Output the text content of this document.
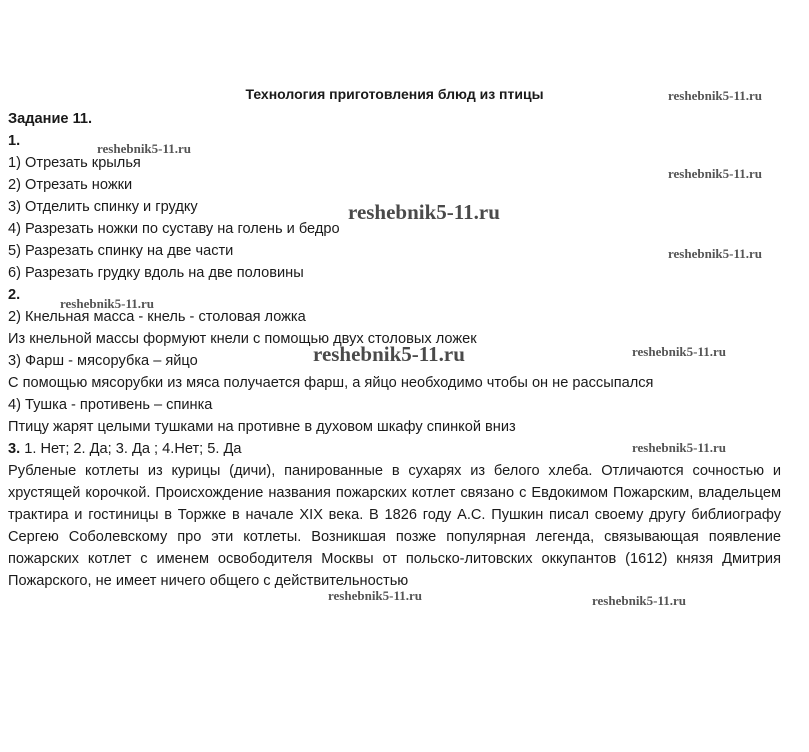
Технология приготовления блюд из птицы
Задание 11.
1.
1) Отрезать крылья
2) Отрезать ножки
3) Отделить спинку и грудку
4) Разрезать ножки по суставу на голень и бедро
5) Разрезать спинку на две части
6) Разрезать грудку вдоль на две половины
2.
2) Кнельная масса - кнель - столовая ложка
Из кнельной массы формуют кнели с помощью двух столовых ложек
3) Фарш - мясорубка – яйцо
С помощью мясорубки из мяса получается фарш, а яйцо необходимо чтобы он не рассыпался
4) Тушка - противень – спинка
Птицу жарят целыми тушками на противне в духовом шкафу спинкой вниз
3. 1. Нет; 2. Да; 3. Да ; 4.Нет; 5. Да

Рубленые котлеты из курицы (дичи), панированные в сухарях из белого хлеба. Отличаются сочностью и хрустящей корочкой. Происхождение названия пожарских котлет связано с Евдокимом Пожарским, владельцем трактира и гостиницы в Торжке в начале XIX века. В 1826 году А.С. Пушкин писал своему другу библиографу Сергею Соболевскому про эти котлеты. Возникшая позже популярная легенда, связывающая появление пожарских котлет с именем освободителя Москвы от польско-литовских оккупантов (1612) князя Дмитрия Пожарского, не имеет ничего общего с действительностью

reshebnik5-11.ru
reshebnik5-11.ru
reshebnik5-11.ru
reshebnik5-11.ru
reshebnik5-11.ru
reshebnik5-11.ru
reshebnik5-11.ru	reshebnik5-11.ru
reshebnik5-11.ru
reshebnik5-11.ru	reshebnik5-11.ru
